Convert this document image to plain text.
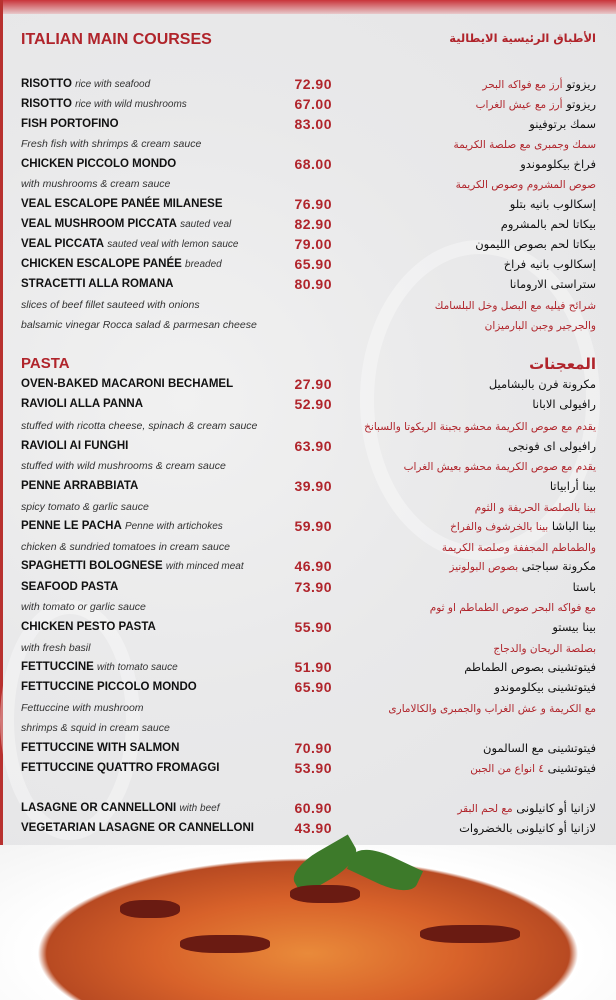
ITALIAN MAIN COURSES	الأطباق الرئيسية الايطالية
RISOTTO rice with seafood	72.90	ريزوتو أرز مع فواكه البحر
RISOTTO rice with wild mushrooms	67.00	ريزوتو أرز مع عيش الغراب
FISH PORTOFINO	83.00	سمك برتوفينو
Fresh fish with shrimps & cream sauce	سمك وجمبرى مع صلصة الكريمة
CHICKEN PICCOLO MONDO	68.00	فراخ بيكلوموندو
with mushrooms & cream sauce	صوص المشروم وصوص الكريمة
VEAL ESCALOPE PANÉE MILANESE	76.90	إسكالوب بانيه بتلو
VEAL MUSHROOM PICCATA sauted veal	82.90	بيكاتا لحم بالمشروم
VEAL PICCATA sauted veal with lemon sauce	79.00	بيكاتا لحم بصوص الليمون
CHICKEN ESCALOPE PANÉE breaded	65.90	إسكالوب بانيه فراخ
STRACETTI ALLA ROMANA	80.90	ستراستى الارومانا
slices of beef fillet sauteed with onions	شرائح فيليه مع البصل وخل البلسامك
balsamic vinegar Rocca salad & parmesan cheese	والجرجير وجبن البارميزان
PASTA	المعجنات
OVEN-BAKED MACARONI BECHAMEL	27.90	مكرونة فرن بالبشاميل
RAVIOLI ALLA PANNA	52.90	رافيولى الابانا
stuffed with ricotta cheese, spinach & cream sauce	يقدم مع صوص الكريمة محشو بجبنة الريكوتا والسبانخ
RAVIOLI AI FUNGHI	63.90	رافيولى اى فونجى
stuffed with wild mushrooms & cream sauce	يقدم مع صوص الكريمة محشو بعيش الغراب
PENNE ARRABBIATA	39.90	بينا أرابياتا
spicy tomato & garlic sauce	بينا بالصلصة الحريفة و الثوم
PENNE LE PACHA Penne with artichokes	59.90	بينا الباشا بينا بالخرشوف والفراخ
chicken & sundried tomatoes in cream sauce	والطماطم المجففة وصلصة الكريمة
SPAGHETTI BOLOGNESE with minced meat	46.90	مكرونة سباجتى بصوص البولونيز
SEAFOOD PASTA	73.90	باستا
with tomato or garlic sauce	مع فواكه البحر صوص الطماطم او ثوم
CHICKEN PESTO PASTA	55.90	بينا بيستو
with fresh basil	بصلصة الريحان والدجاج
FETTUCCINE with tomato sauce	51.90	فيتوتشينى بصوص الطماطم
FETTUCCINE PICCOLO MONDO	65.90	فيتوتشينى بيكلوموندو
Fettuccine with mushroom	مع الكريمة و عش الغراب والجمبرى والكالامارى
shrimps & squid in cream sauce
FETTUCCINE WITH SALMON	70.90	فيتوتشينى مع السالمون
FETTUCCINE QUATTRO FROMAGGI	53.90	فيتوتشينى ٤ انواع من الجبن
LASAGNE OR CANNELLONI with beef	60.90	لازانيا أو كانيلونى مع لحم البقر
VEGETARIAN LASAGNE OR CANNELLONI	43.90	لازانيا أو كانيلونى بالخضروات
